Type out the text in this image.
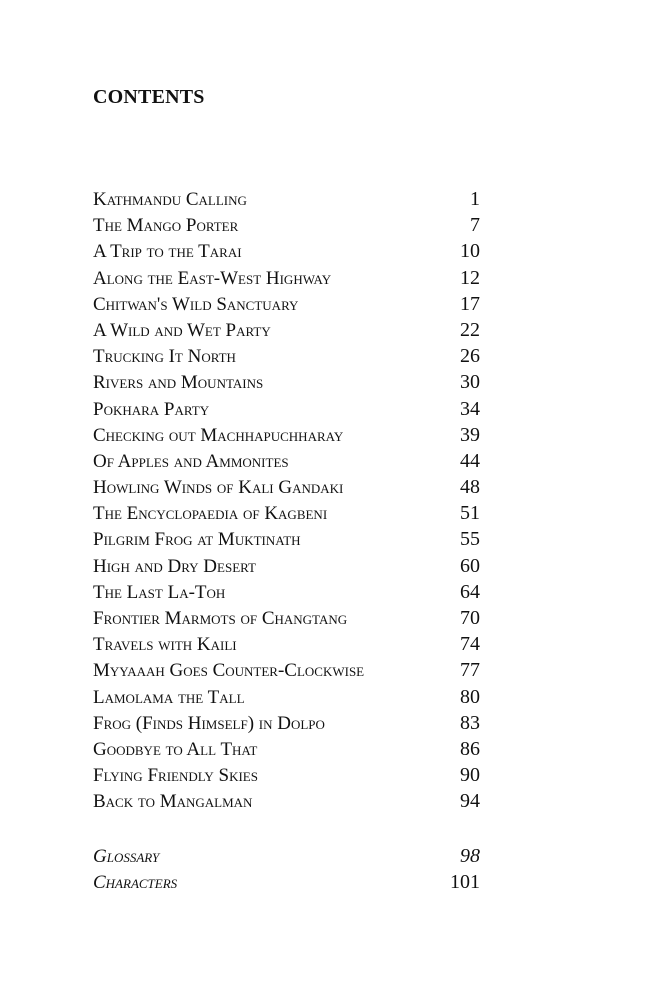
CONTENTS
Kathmandu Calling	1
The Mango Porter	7
A Trip to the Tarai	10
Along the East-West Highway	12
Chitwan's Wild Sanctuary	17
A Wild and Wet Party	22
Trucking It North	26
Rivers and Mountains	30
Pokhara Party	34
Checking out Machhapuchharay	39
Of Apples and Ammonites	44
Howling Winds of Kali Gandaki	48
The Encyclopaedia of Kagbeni	51
Pilgrim Frog at Muktinath	55
High and Dry Desert	60
The Last La-Toh	64
Frontier Marmots of Changtang	70
Travels with Kaili	74
Myyaaah Goes Counter-Clockwise	77
Lamolama the Tall	80
Frog (Finds Himself) in Dolpo	83
Goodbye to All That	86
Flying Friendly Skies	90
Back to Mangalman	94
Glossary	98
Characters	101
